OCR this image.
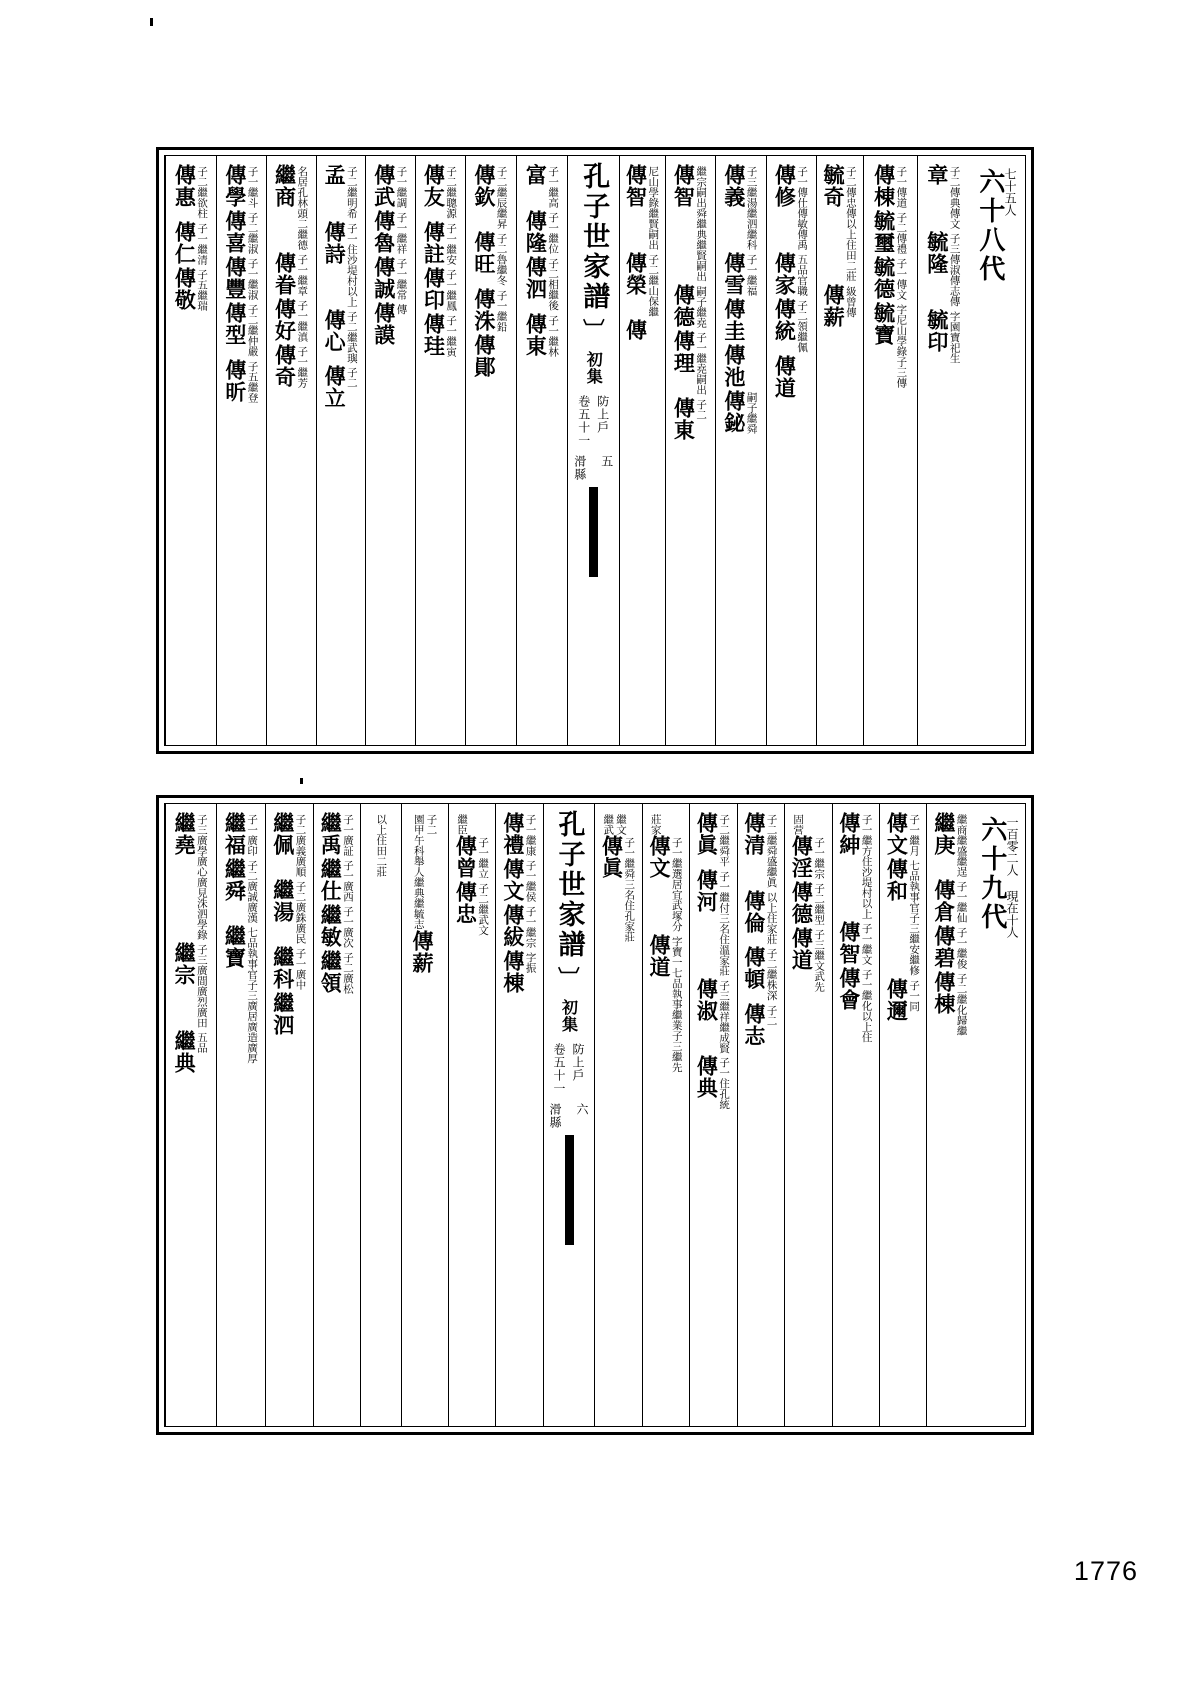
六十八代
七十五人
章
子二傳典傳文
毓隆
子三傳淑傳志傳
毓印
字園寶祀生
傳棟
子一傳道
毓璽
子二傳禮
毓德
子一傳文
毓寶
字尼山學錄子三傳
毓奇
子二傳忠傳以上住田二莊
傳薪
級曾傳
傳修
子一傳仕傳敏傳禹
傳家
五品官職
傳統
子二領繼佩
傳道
傳義
子三繼湯繼泗繼科
傳雪
子一繼福
傳圭
傳池
傳鉍
嗣子繼舜
傳智
繼宗嗣出舜繼典繼賢嗣出
傳德
嗣子繼堯
傳理
子一繼堯嗣出
傳東
子二
傳智
尼山學錄繼賢嗣出
傳榮
子二繼山保繼
傳
孔子世家譜
〕
初集
卷五十一 防上戶
滑縣 五
富
子一繼高
傳隆
子一繼位
傳泗
子二相繼後
傳東
子一繼林
傳欽
子二繼辰繼昇
傳旺
子二魯繼冬
傳洙
子一繼鉛
傳鄖
傳友
子二繼聰源
傳註
子一繼安
傳印
子一繼鳳
傳珪
子一繼寅
傳武
子一繼調
傳魯
子一繼祥
傳誠
子一繼常
傳謨
傳
孟
子二繼明希
傳詩
子一住沙堤村以上
傳心
子二繼武璵
傳立
子二
繼商
名居孔林頭二繼德
傳眷
子一繼章
傳好
子一繼滇
傳奇
子一繼芳
傳學
子一繼斗
傳喜
子二繼淑
傳豐
子一繼淑
傳型
子二繼仲嚴
傳昕
子五繼登
傳惠
子二繼欲柱
傳仁
子一繼清
傳敬
子五繼瑞
六十九代
一百零二人 現在十人
繼庚
繼商繼盛繼逞
傳倉
子一繼仙
傳碧
子一繼俊
傳棟
子二繼化歸繼
傳文
子一繼月
傳和
七品執事官子三繼安繼修
傳邇
子一同
傳紳
子一繼方住沙堤村以上
傳智
子一繼文
傳會
子一繼化以上住
固营
傳淫
子一繼宗
傳德
子二繼型
傳道
子三繼文武先
傳清
子二繼舜盛繼眞
傳倫
以上住家莊
傳頓
子二繼株深
傳志
子二
傳眞
子二繼舜平
傳河
子一繼付三名住溫家莊
傳淑
子三繼祥繼成賢
傳典
子一住孔統
莊家
傳文
子一繼選居宜武塚分
傳道
字寶一七品執事繼業子三繼先
繼武 繼文
傳眞
子一繼舜三名住孔家莊
孔子世家譜
〕
初集
卷五十一 防上戶
滑縣 六
傳禮
子一繼康
傳文
子一繼侯
傳紱
子一繼宗
傳棟
字振
繼臣
傳曾
子一繼立
傳忠
子二繼武文
園甲午科舉人繼典繼毓志 子二
傳薪
以上住田二莊
繼禹
子一廣証
繼仕
子一廣西
繼敏
子一廣次
繼領
子二廣松
繼佩
子二廣義廣順
繼湯
子二廣銖廣民
繼科
子一廣中
繼泗
繼福
子一廣印
繼舜
子二廣誠廣漢
繼寶
七品執事官子三廣居廣造廣厚
繼堯
子三廣學廣心廣見洙泗學錄
繼宗
子三廣間廣烈廣田
繼典
五品
1776
